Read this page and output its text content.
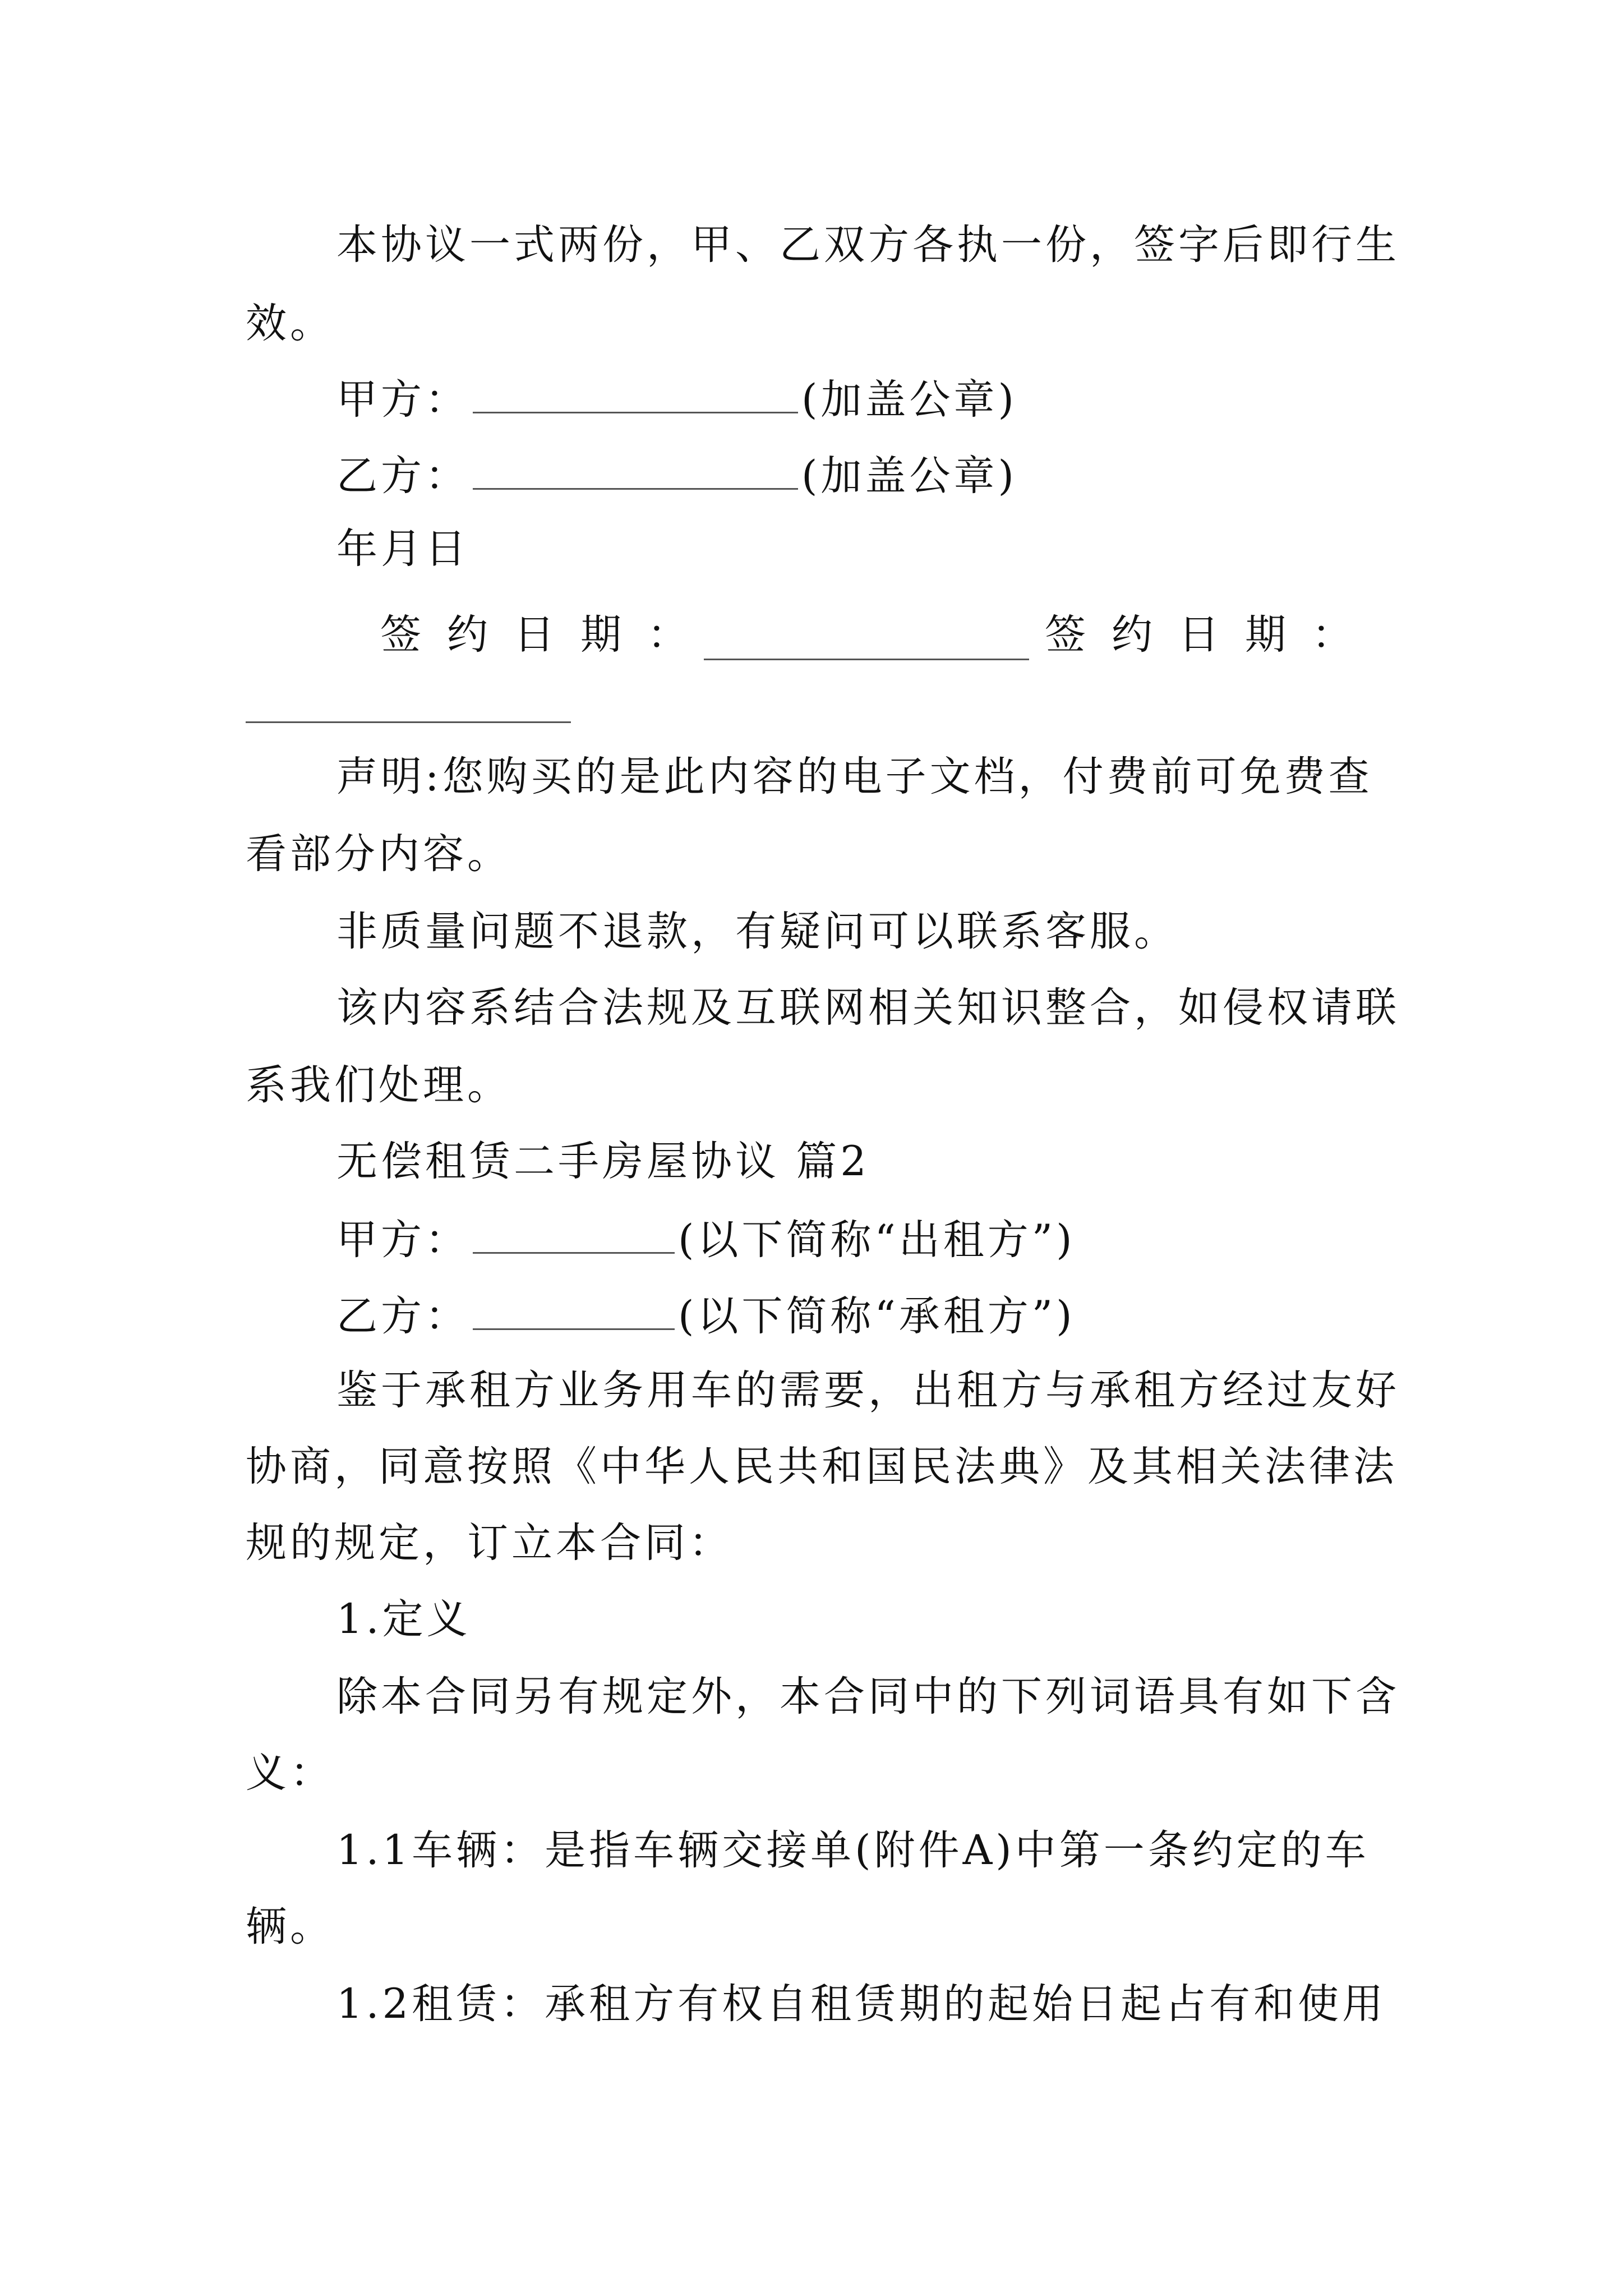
本协议一式两份，甲、乙双方各执一份，签字后即行生
效。
甲方：	(加盖公章)
乙方：	(加盖公章)
年月日
签约日期：	签约日期：
声明:您购买的是此内容的电子文档，付费前可免费查
看部分内容。
非质量问题不退款，有疑问可以联系客服。
该内容系结合法规及互联网相关知识整合，如侵权请联
系我们处理。
无偿租赁二手房屋协议 篇2
甲方：	(以下简称“出租方”)
乙方：	(以下简称“承租方”)
鉴于承租方业务用车的需要，出租方与承租方经过友好
协商，同意按照《中华人民共和国民法典》及其相关法律法
规的规定，订立本合同：
1.定义
除本合同另有规定外，本合同中的下列词语具有如下含
义：
1.1车辆：是指车辆交接单(附件A)中第一条约定的车
辆。
1.2租赁：承租方有权自租赁期的起始日起占有和使用
